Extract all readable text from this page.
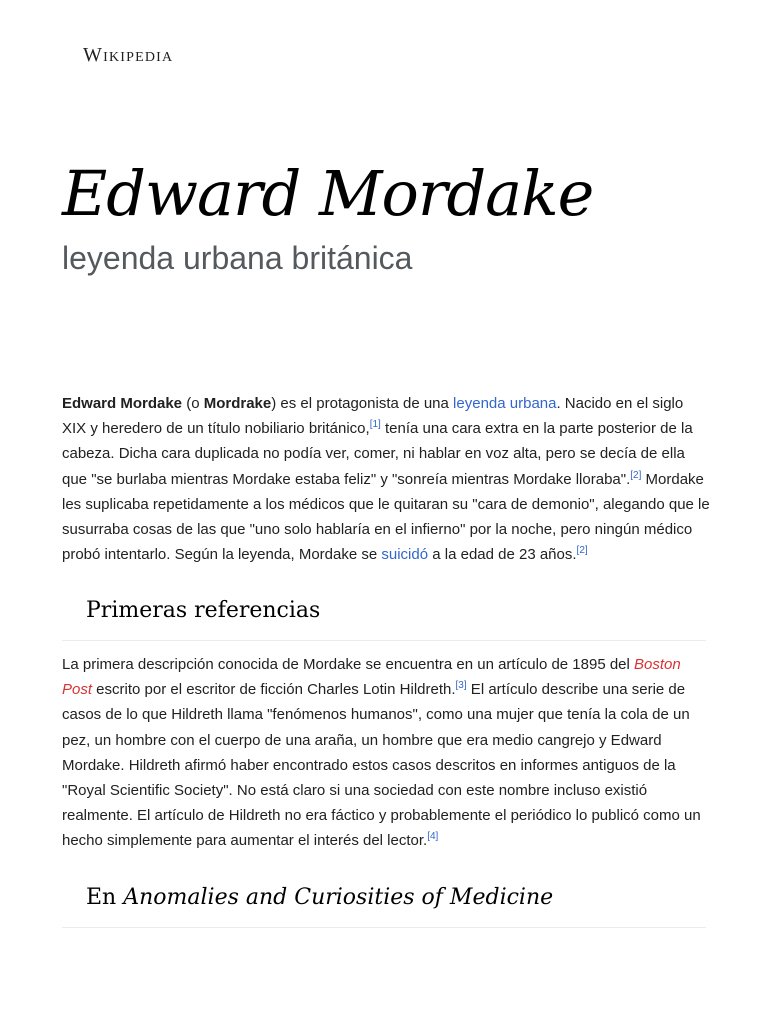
Wikipedia
Edward Mordake

leyenda urbana británica

Edward Mordake (o Mordrake) es el protagonista de una leyenda urbana. Nacido en el siglo XIX y heredero de un título nobiliario británico,[1] tenía una cara extra en la parte posterior de la cabeza. Dicha cara duplicada no podía ver, comer, ni hablar en voz alta, pero se decía de ella que "se burlaba mientras Mordake estaba feliz" y "sonreía mientras Mordake lloraba".[2] Mordake les suplicaba repetidamente a los médicos que le quitaran su "cara de demonio", alegando que le susurraba cosas de las que "uno solo hablaría en el infierno" por la noche, pero ningún médico probó intentarlo. Según la leyenda, Mordake se suicidó a la edad de 23 años.[2]

Primeras referencias

La primera descripción conocida de Mordake se encuentra en un artículo de 1895 del Boston Post escrito por el escritor de ficción Charles Lotin Hildreth.[3] El artículo describe una serie de casos de lo que Hildreth llama "fenómenos humanos", como una mujer que tenía la cola de un pez, un hombre con el cuerpo de una araña, un hombre que era medio cangrejo y Edward Mordake. Hildreth afirmó haber encontrado estos casos descritos en informes antiguos de la "Royal Scientific Society". No está claro si una sociedad con este nombre incluso existió realmente. El artículo de Hildreth no era fáctico y probablemente el periódico lo publicó como un hecho simplemente para aumentar el interés del lector.[4]

En Anomalies and Curiosities of Medicine
